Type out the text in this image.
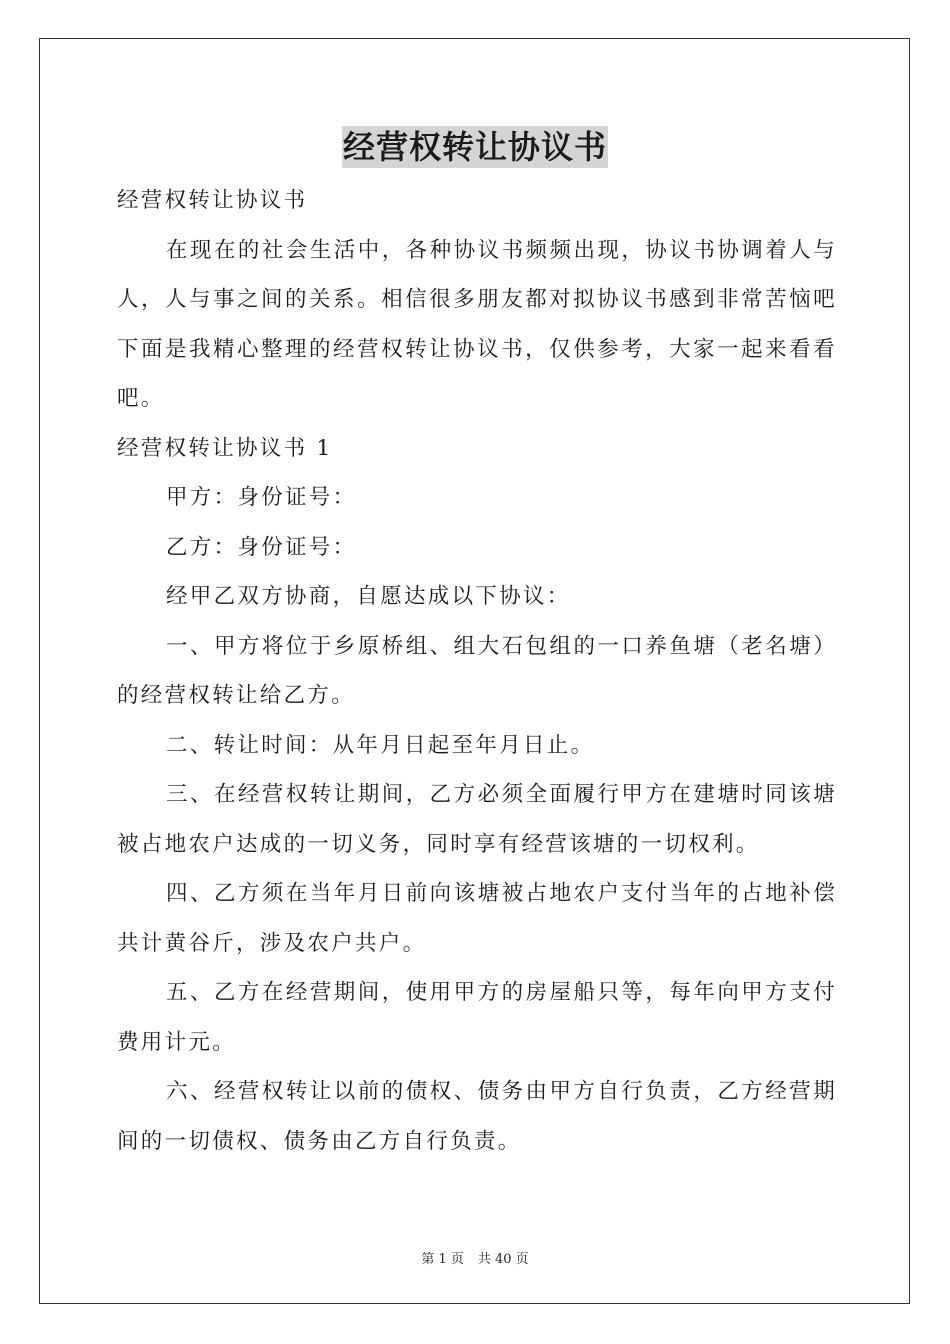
经营权转让协议书

经营权转让协议书

在现在的社会生活中，各种协议书频频出现，协议书协调着人与人，人与事之间的关系。相信很多朋友都对拟协议书感到非常苦恼吧下面是我精心整理的经营权转让协议书，仅供参考，大家一起来看看吧。

经营权转让协议书 1

甲方：身份证号：

乙方：身份证号：

经甲乙双方协商，自愿达成以下协议：

一、甲方将位于乡原桥组、组大石包组的一口养鱼塘（老名塘）的经营权转让给乙方。

二、转让时间：从年月日起至年月日止。

三、在经营权转让期间，乙方必须全面履行甲方在建塘时同该塘被占地农户达成的一切义务，同时享有经营该塘的一切权利。

四、乙方须在当年月日前向该塘被占地农户支付当年的占地补偿共计黄谷斤，涉及农户共户。

五、乙方在经营期间，使用甲方的房屋船只等，每年向甲方支付费用计元。

六、经营权转让以前的债权、债务由甲方自行负责，乙方经营期间的一切债权、债务由乙方自行负责。

第 1 页 共 40 页
